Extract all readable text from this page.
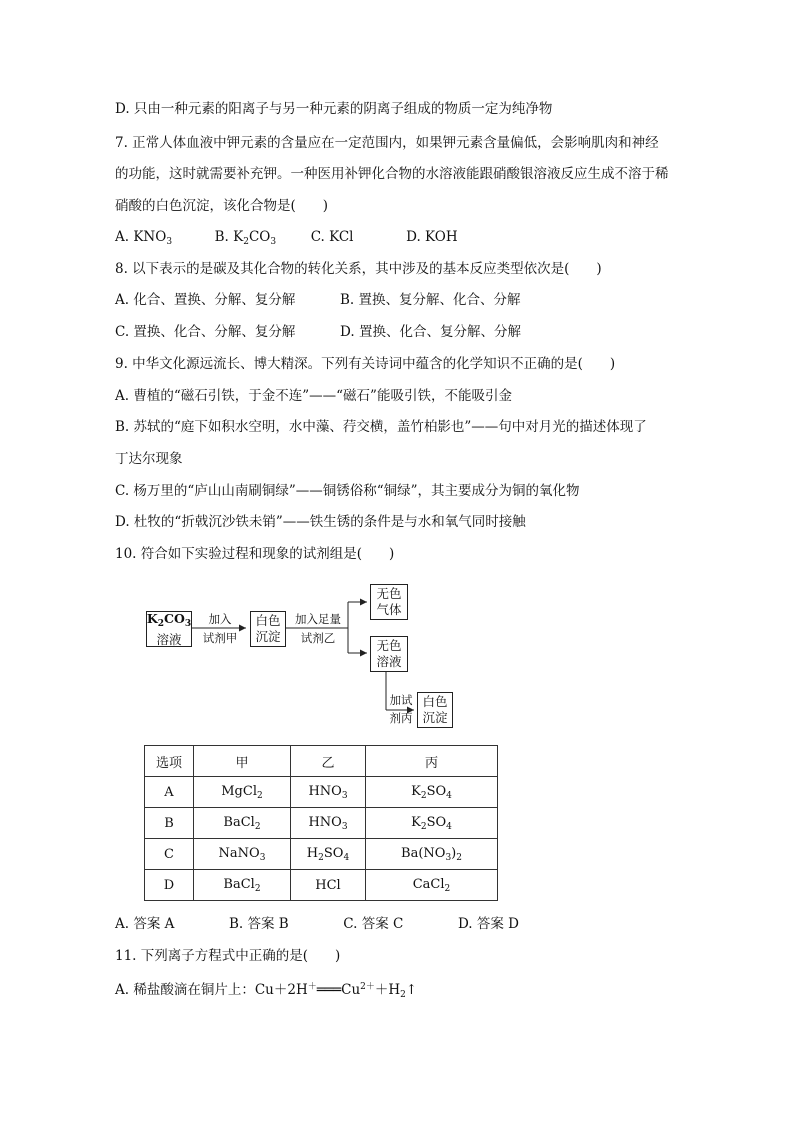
D. 只由一种元素的阳离子与另一种元素的阴离子组成的物质一定为纯净物
7. 正常人体血液中钾元素的含量应在一定范围内，如果钾元素含量偏低，会影响肌肉和神经
的功能，这时就需要补充钾。一种医用补钾化合物的水溶液能跟硝酸银溶液反应生成不溶于稀
硝酸的白色沉淀，该化合物是(　　)
A. $KNO_3$	B. $K_2CO_3$	C. KCl	D. KOH
8. 以下表示的是碳及其化合物的转化关系，其中涉及的基本反应类型依次是(　　)
A. 化合、置换、分解、复分解	B. 置换、复分解、化合、分解
C. 置换、化合、分解、复分解	D. 置换、化合、复分解、分解
9. 中华文化源远流长、博大精深。下列有关诗词中蕴含的化学知识不正确的是(　　)
A. 曹植的“磁石引铁，于金不连”——“磁石”能吸引铁，不能吸引金
B. 苏轼的“庭下如积水空明，水中藻、荇交横，盖竹柏影也”——句中对月光的描述体现了
丁达尔现象
C. 杨万里的“庐山山南刷铜绿”——铜锈俗称“铜绿”，其主要成分为铜的氧化物
D. 杜牧的“折戟沉沙铁未销”——铁生锈的条件是与水和氧气同时接触
10. 符合如下实验过程和现象的试剂组是(　　)
$K_2CO_3$
溶液
加入
试剂甲
白色
沉淀
加入足量
试剂乙
无色
气体
无色
溶液
加试
剂丙
白色
沉淀
选项	甲	乙	丙
A	MgCl$_2$	$HNO_3$	$K_2SO_4$
B	BaCl$_2$	$HNO_3$	$K_2SO_4$
C	NaNO$_3$	$H_2SO_4$	$Ba(NO_3)_2$
D	BaCl$_2$	HCl	CaCl$_2$
A. 答案 A	B. 答案 B	C. 答案 C	D. 答案 D
11. 下列离子方程式中正确的是(　　)
A. 稀盐酸滴在铜片上：$Cu+2H^+═══Cu^{2+}+H_2↑$
